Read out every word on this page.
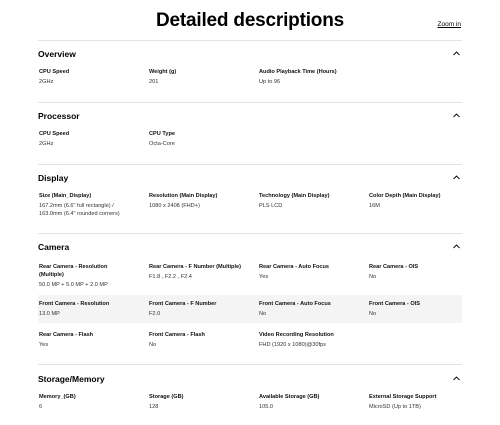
Detailed descriptions	Zoom in
Overview
CPU Speed
2GHz
Weight (g)
201
Audio Playback Time (Hours)
Up to 96
Processor
CPU Speed
2GHz
CPU Type
Octa-Core
Display
Size (Main_Display)
167.2mm (6.6" full rectangle) / 163.0mm (6.4" rounded corners)
Resolution (Main Display)
1080 x 2408 (FHD+)
Technology (Main Display)
PLS LCD
Color Depth (Main Display)
16M
Camera
Rear Camera - Resolution (Multiple)
50.0 MP + 5.0 MP + 2.0 MP
Rear Camera - F Number (Multiple)
F1.8 , F2.2 , F2.4
Rear Camera - Auto Focus
Yes
Rear Camera - OIS
No
Front Camera - Resolution
13.0 MP
Front Camera - F Number
F2.0
Front Camera - Auto Focus
No
Front Camera - OIS
No
Rear Camera - Flash
Yes
Front Camera - Flash
No
Video Recording Resolution
FHD (1920 x 1080)@30fps
Storage/Memory
Memory_(GB)
6
Storage (GB)
128
Available Storage (GB)
105.0
External Storage Support
MicroSD (Up to 1TB)
